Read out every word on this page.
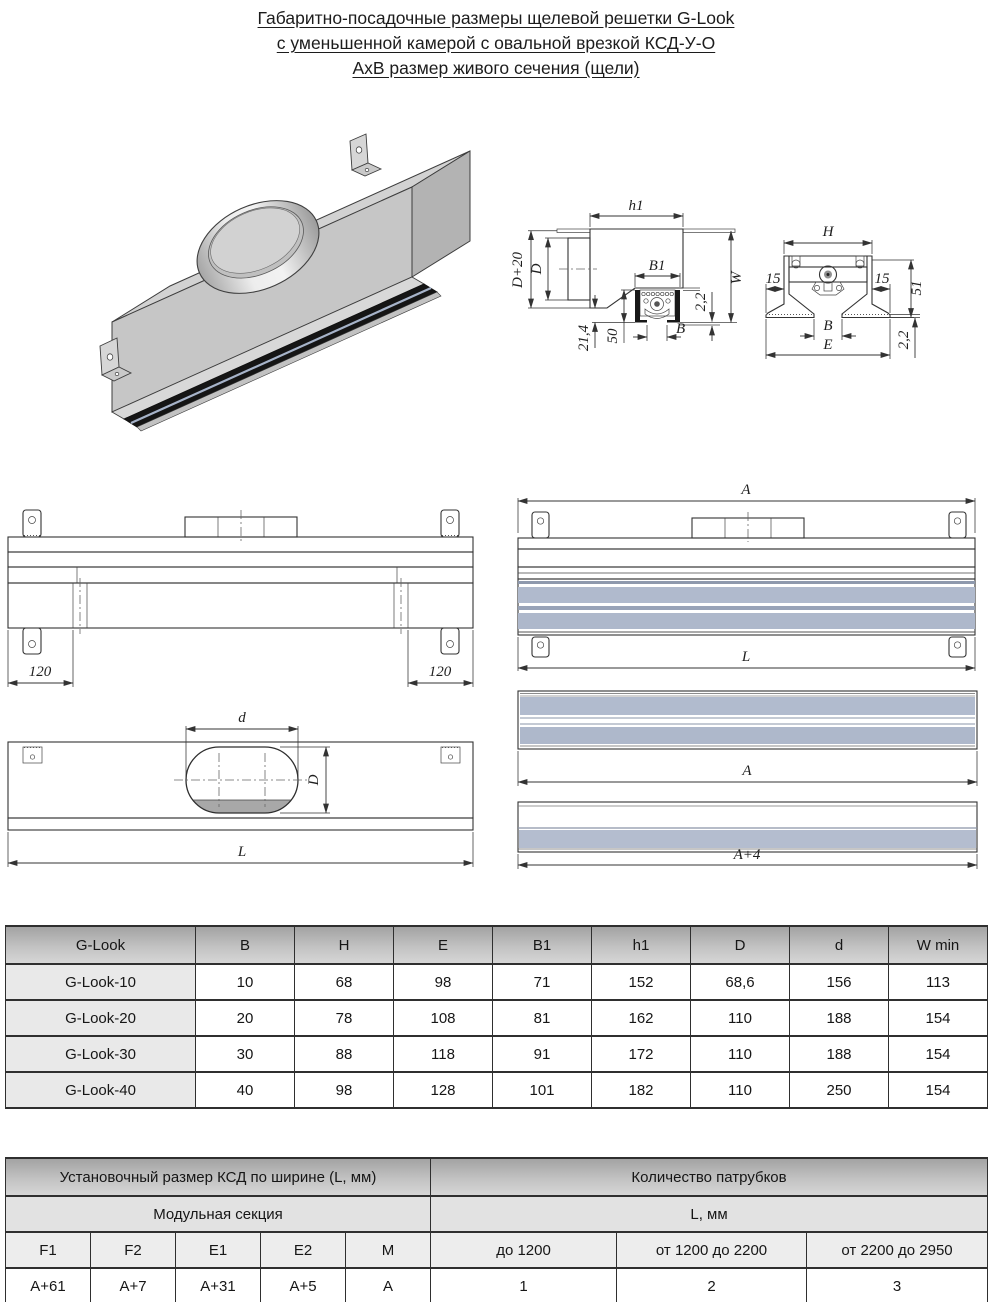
Габаритно-посадочные размеры щелевой решетки G-Look
с уменьшенной камерой с овальной врезкой КСД-У-О
АхВ размер живого сечения (щели)
h1
W
2,2
D+20 D	B1
21,4 50	B
H
15	15
51
2,2
B
E
120	120
A
L
A
A+4
d
D
L
G-Look	B	H	E	B1	h1	D	d	W min
G-Look-10	10	68	98	71	152	68,6	156	113
G-Look-20	20	78	108	81	162	110	188	154
G-Look-30	30	88	118	91	172	110	188	154
G-Look-40	40	98	128	101	182	110	250	154
Установочный размер КСД по ширине (L, мм)					Количество патрубков		
Модульная секция					L, мм		
F1	F2	E1	E2	M	до 1200	от 1200 до 2200	от 2200 до 2950
A+61	A+7	A+31	A+5	A	1	2	3
